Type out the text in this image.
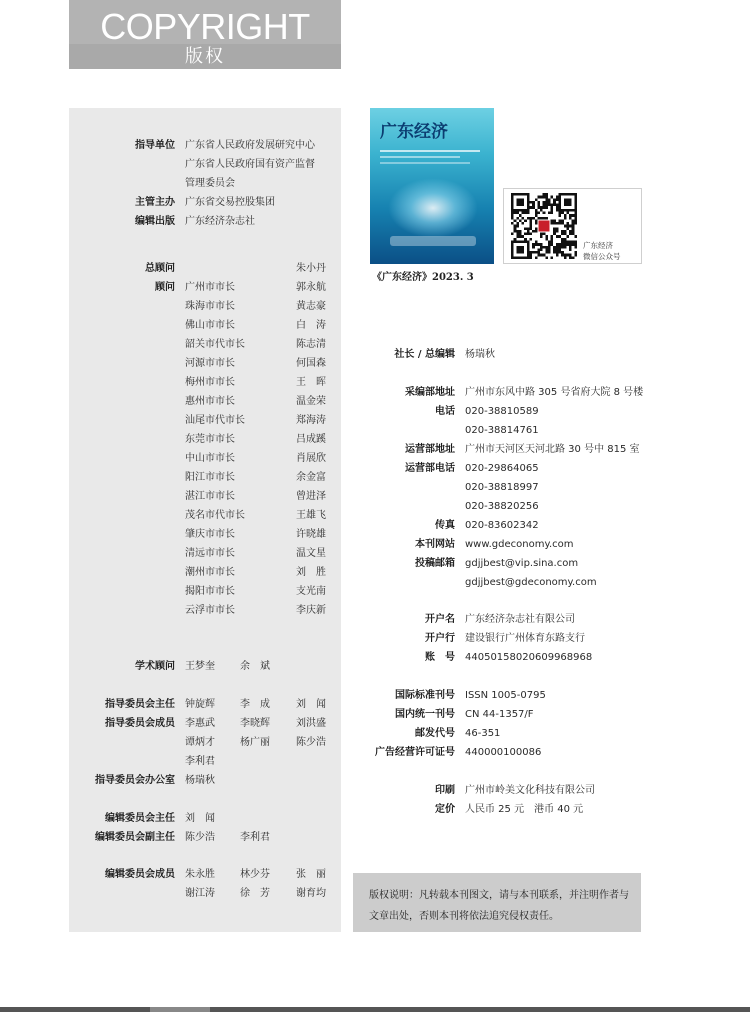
COPYRIGHT
版权
指导单位 广东省人民政府发展研究中心
广东省人民政府国有资产监督
管理委员会
主管主办 广东省交易控股集团
编辑出版 广东经济杂志社
总顾问	朱小丹
顾问 广州市市长	郭永航
珠海市市长	黄志豪
佛山市市长	白　涛
韶关市代市长	陈志清
河源市市长	何国森
梅州市市长	王　晖
惠州市市长	温金荣
汕尾市代市长	郑海涛
东莞市市长	吕成蹊
中山市市长	肖展欣
阳江市市长	余金富
湛江市市长	曾进泽
茂名市代市长	王雄飞
肇庆市市长	许晓雄
清远市市长	温文星
潮州市市长	刘　胜
揭阳市市长	支光南
云浮市市长	李庆新
学术顾问 王梦奎	余　斌
指导委员会主任 钟旋辉	李　成	刘　闻
指导委员会成员 李惠武	李晓辉	刘洪盛
谭炳才	杨广丽	陈少浩
李利君
指导委员会办公室 杨瑞秋
编辑委员会主任 刘　闻
编辑委员会副主任 陈少浩	李利君
编辑委员会成员 朱永胜	林少芬	张　丽
谢江涛	徐　芳	谢育均
广东经济
《广东经济》2023. 3
广东经济
微信公众号
社长 / 总编辑 杨瑞秋
采编部地址 广州市东风中路 305 号省府大院 8 号楼
电话 020-38810589
020-38814761
运营部地址 广州市天河区天河北路 30 号中 815 室
运营部电话 020-29864065
020-38818997
020-38820256
传真 020-83602342
本刊网站 www.gdeconomy.com
投稿邮箱 gdjjbest@vip.sina.com
gdjjbest@gdeconomy.com
开户名 广东经济杂志社有限公司
开户行 建设银行广州体育东路支行
账　号 44050158020609968968
国际标准刊号 ISSN 1005-0795
国内统一刊号 CN 44-1357/F
邮发代号 46-351
广告经营许可证号 440000100086
印刷 广州市岭美文化科技有限公司
定价 人民币 25 元　港币 40 元
版权说明：凡转载本刊图文，请与本刊联系，并注明作者与文章出处，否则本刊将依法追究侵权责任。
